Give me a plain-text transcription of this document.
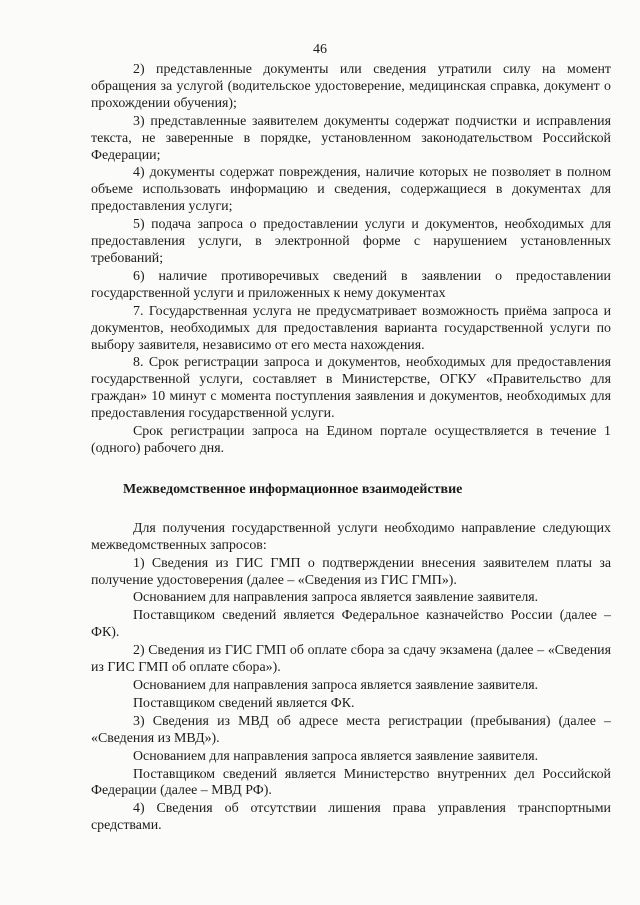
46

2) представленные документы или сведения утратили силу на момент обращения за услугой (водительское удостоверение, медицинская справка, документ о прохождении обучения);

3) представленные заявителем документы содержат подчистки и исправления текста, не заверенные в порядке, установленном законодательством Российской Федерации;

4) документы содержат повреждения, наличие которых не позволяет в полном объеме использовать информацию и сведения, содержащиеся в документах для предоставления услуги;

5) подача запроса о предоставлении услуги и документов, необходимых для предоставления услуги, в электронной форме с нарушением установленных требований;

6) наличие противоречивых сведений в заявлении о предоставлении государственной услуги и приложенных к нему документах

7. Государственная услуга не предусматривает возможность приёма запроса и документов, необходимых для предоставления варианта государственной услуги по выбору заявителя, независимо от его места нахождения.

8. Срок регистрации запроса и документов, необходимых для предоставления государственной услуги, составляет в Министерстве, ОГКУ «Правительство для граждан» 10 минут с момента поступления заявления и документов, необходимых для предоставления государственной услуги.

Срок регистрации запроса на Едином портале осуществляется в течение 1 (одного) рабочего дня.

Межведомственное информационное взаимодействие

Для получения государственной услуги необходимо направление следующих межведомственных запросов:

1) Сведения из ГИС ГМП о подтверждении внесения заявителем платы за получение удостоверения (далее – «Сведения из ГИС ГМП»).

Основанием для направления запроса является заявление заявителя.

Поставщиком сведений является Федеральное казначейство России (далее – ФК).

2) Сведения из ГИС ГМП об оплате сбора за сдачу экзамена (далее – «Сведения из ГИС ГМП об оплате сбора»).

Основанием для направления запроса является заявление заявителя.

Поставщиком сведений является ФК.

3) Сведения из МВД об адресе места регистрации (пребывания) (далее – «Сведения из МВД»).

Основанием для направления запроса является заявление заявителя.

Поставщиком сведений является Министерство внутренних дел Российской Федерации (далее – МВД РФ).

4) Сведения об отсутствии лишения права управления транспортными средствами.
